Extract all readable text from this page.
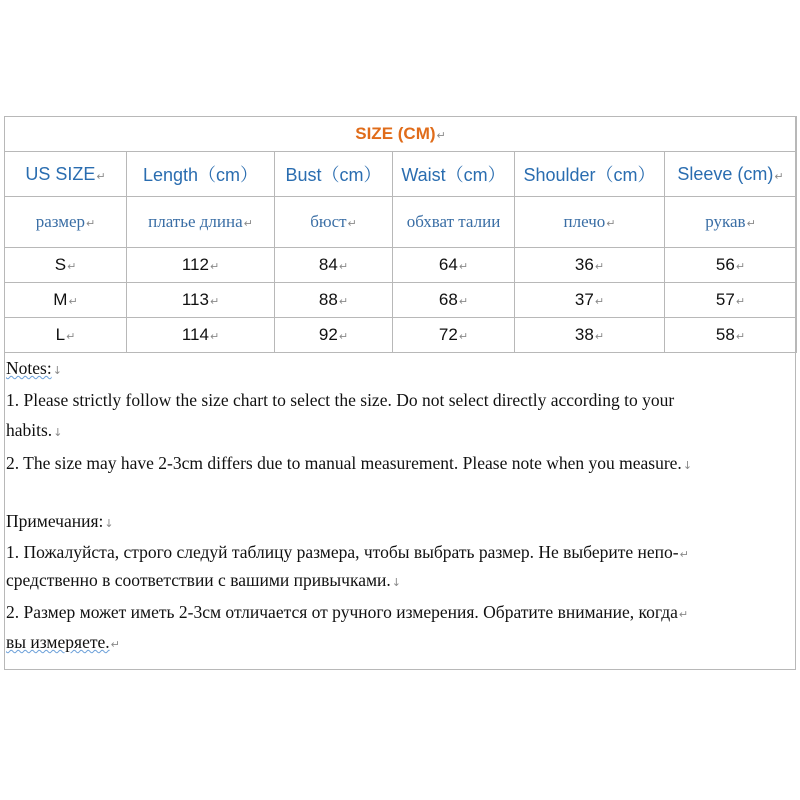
SIZE (CM)↵					
US SIZE↵	Length（cm）	Bust（cm）	Waist（cm）	Shoulder（cm）	Sleeve (cm)↵
размер↵	платье длина↵	бюст↵	обхват талии	плечо↵	рукав↵
S↵	112↵	84↵	64↵	36↵	56↵
M↵	113↵	88↵	68↵	37↵	57↵
L↵	114↵	92↵	72↵	38↵	58↵
Notes:↓
1. Please strictly follow the size chart to select the size. Do not select directly according to your
habits.↓
2. The size may have 2-3cm differs due to manual measurement. Please note when you measure.↓
Примечания:↓
1. Пожалуйста, строго следуй таблицу размера, чтобы выбрать размер. Не выберите непо-↵
средственно в соответствии с вашими привычками.↓
2. Размер может иметь 2-3см отличается от ручного измерения. Обратите внимание, когда↵
вы измеряете.↵
